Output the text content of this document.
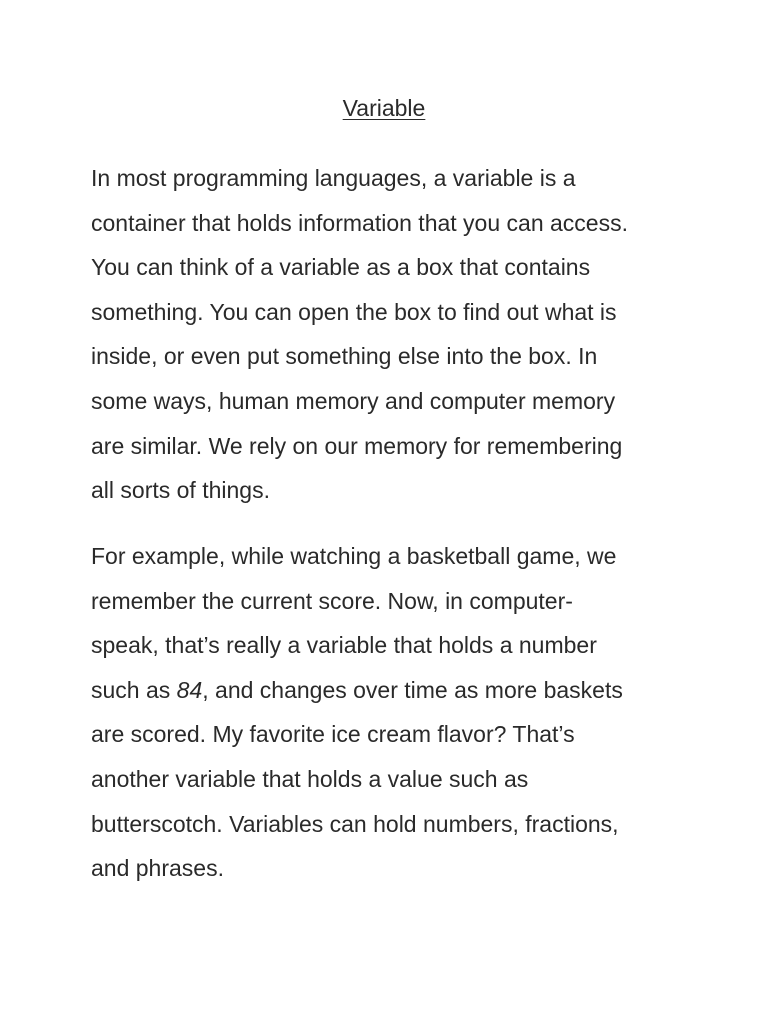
Variable

In most programming languages, a variable is a
container that holds information that you can access.
You can think of a variable as a box that contains
something. You can open the box to find out what is
inside, or even put something else into the box. In
some ways, human memory and computer memory
are similar. We rely on our memory for remembering
all sorts of things.

For example, while watching a basketball game, we
remember the current score. Now, in computer-
speak, that’s really a variable that holds a number
such as 84, and changes over time as more baskets
are scored. My favorite ice cream flavor? That’s
another variable that holds a value such as
butterscotch. Variables can hold numbers, fractions,
and phrases.
